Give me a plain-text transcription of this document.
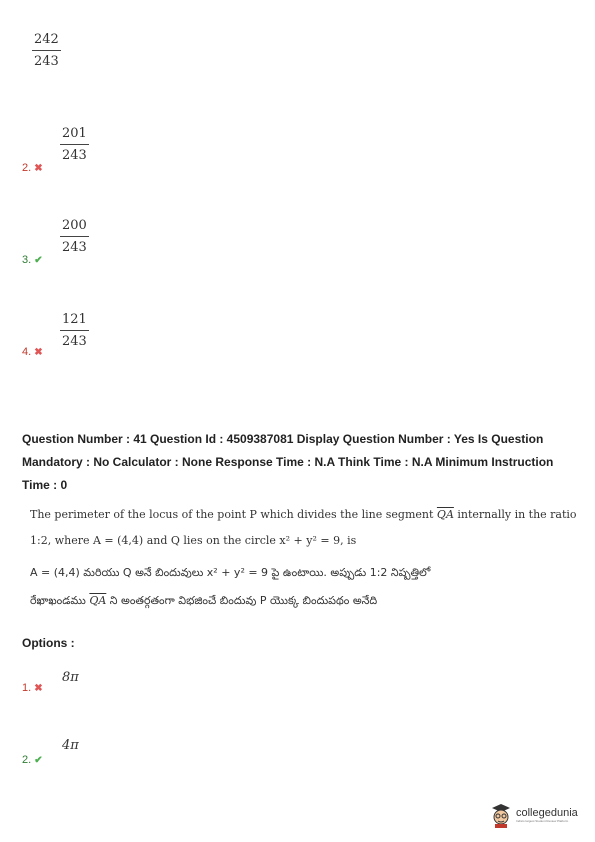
$\frac{242}{243}$
$\frac{201}{243}$
2. ✖
$\frac{200}{243}$
3. ✔
$\frac{121}{243}$
4. ✖
Question Number : 41 Question Id : 4509387081 Display Question Number : Yes Is Question
Mandatory : No Calculator : None Response Time : N.A Think Time : N.A Minimum Instruction
Time : 0
The perimeter of the locus of the point P which divides the line segment $\overline{QA}$ internally in the ratio
1:2, where A = (4,4) and Q lies on the circle x² + y² = 9, is
A = (4,4) మరియు Q అనే బిందువులు x² + y² = 9 పై ఉంటాయి. అప్పుడు 1:2 నిష్పత్తిలో
రేఖాఖండము $\overline{QA}$ ని అంతర్గతంగా విభజించే బిందువు P యొక్క బిందుపథం అనేది
Options :
8π
1. ✖
4π
2. ✔
collegedunia
India's largest Student Review Platform
